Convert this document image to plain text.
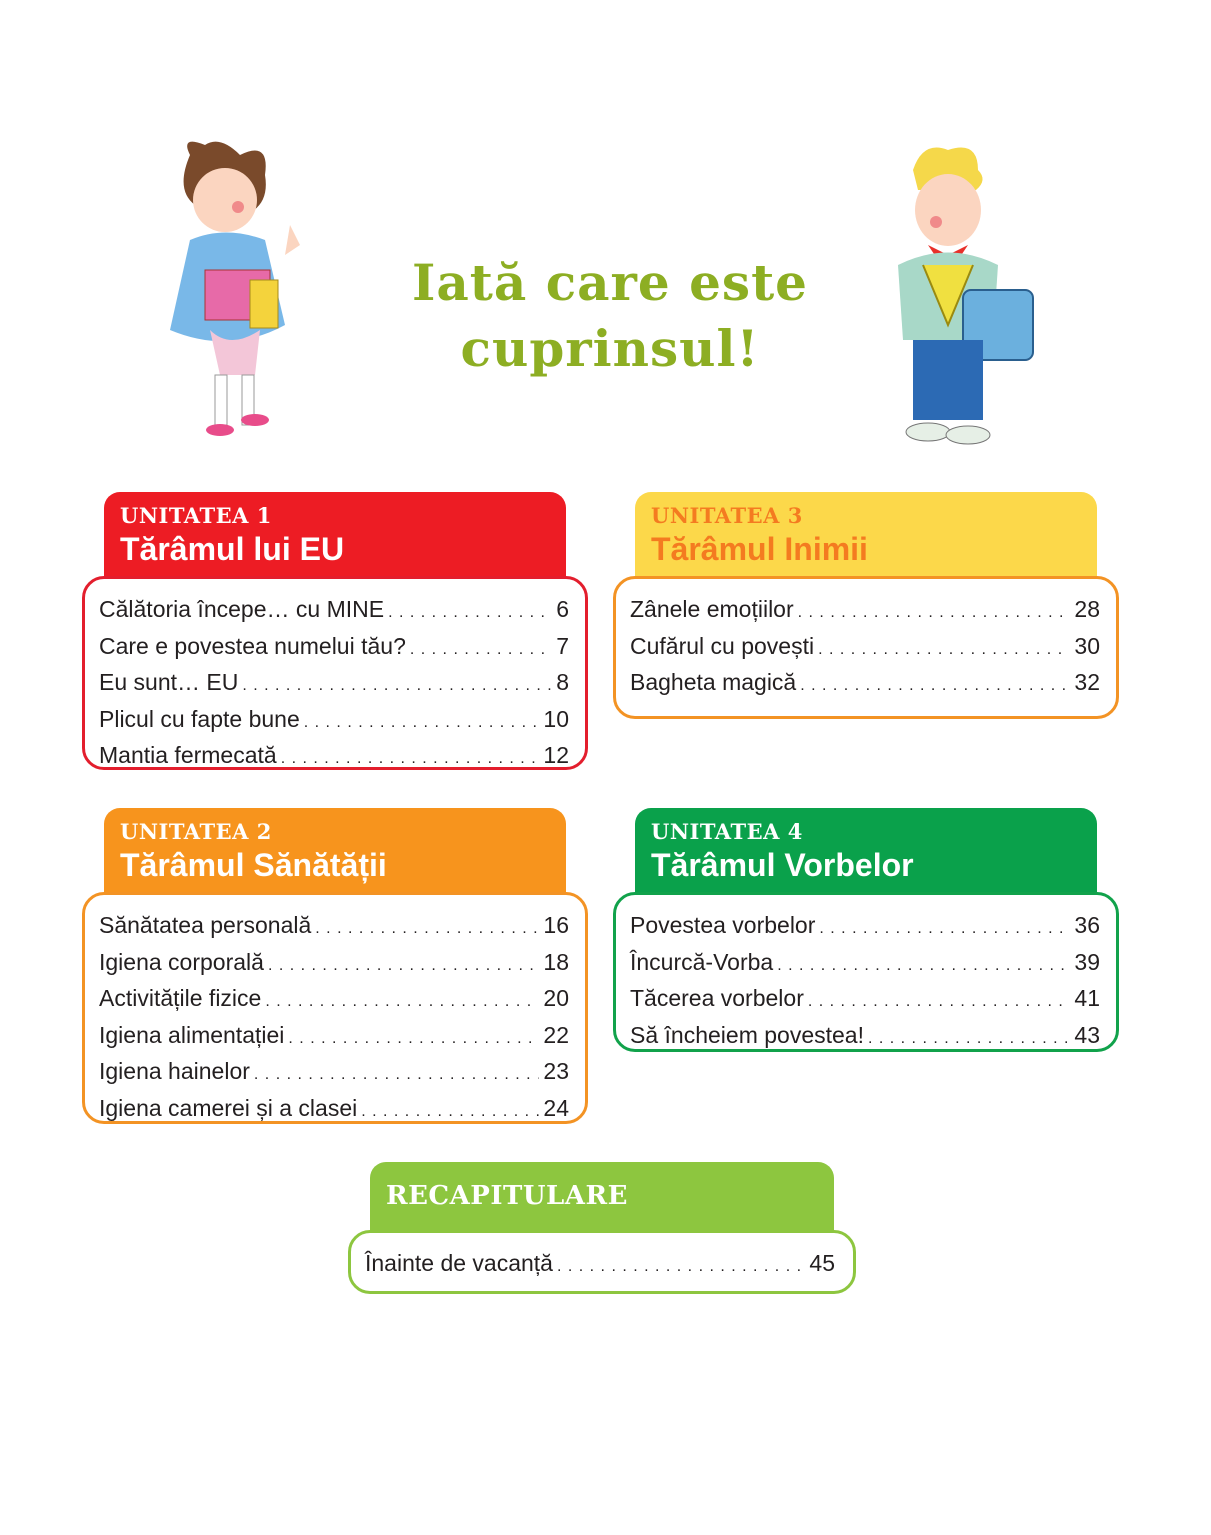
Iată care este
cuprinsul!
UNITATEA 1
Tărâmul lui EU
Călătoria începe… cu MINE . . .	6
Care e povestea numelui tău? . . .	7
Eu sunt… EU . . .	8
Plicul cu fapte bune . . .	10
Mantia fermecată . . .	12
UNITATEA 3
Tărâmul Inimii
Zânele emoțiilor . . .	28
Cufărul cu povești . . .	30
Bagheta magică . . .	32
UNITATEA 2
Tărâmul Sănătății
Sănătatea personală . . .	16
Igiena corporală . . .	18
Activitățile fizice . . .	20
Igiena alimentației . . .	22
Igiena hainelor . . .	23
Igiena camerei și a clasei . . .	24
UNITATEA 4
Tărâmul Vorbelor
Povestea vorbelor . . .	36
Încurcă-Vorba . . .	39
Tăcerea vorbelor . . .	41
Să încheiem povestea! . . .	43
RECAPITULARE
Înainte de vacanță . . .	45
